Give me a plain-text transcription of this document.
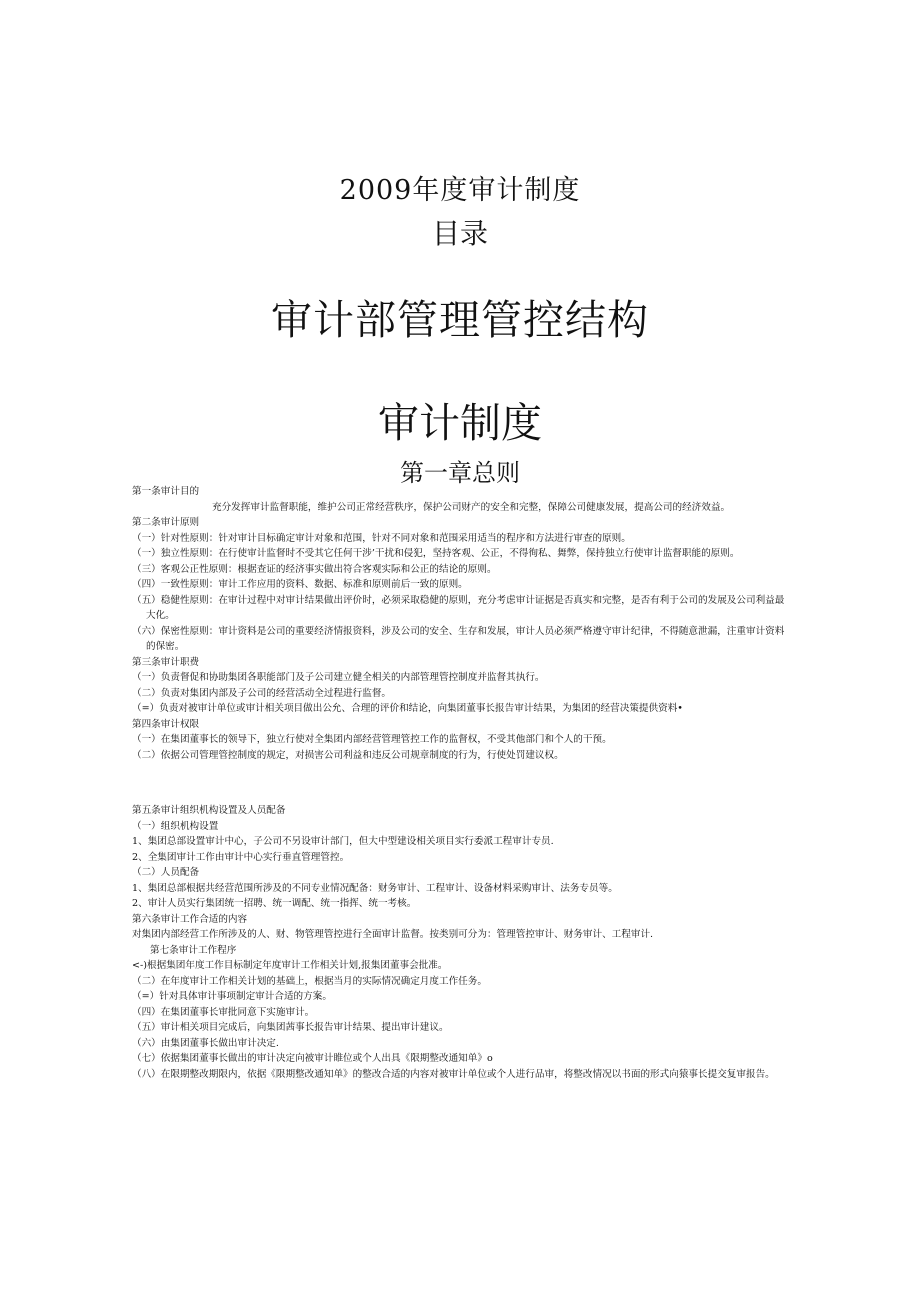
2009年度审计制度
目录
审计部管理管控结构
审计制度
第一章总则
第一条审计目的
充分发挥审计监督职能，维护公司正常经营秩序，保护公司财产的安全和完整，保障公司健康发展，提高公司的经济效益。
第二条审计原则
（一）针对性原则：针对审计目标确定审计对象和范围，针对不同对象和范围采用适当的程序和方法进行审查的原则。
（一）独立性原则：在行使审计监督时不受其它任何干涉’干扰和侵犯，坚持客观、公正，不得徇私、舞弊，保持独立行使审计监督职能的原则。
（三）客观公正性原则：根据查证的经济事实做出符合客观实际和公正的结论的原则。
（四）一致性原则：审计工作应用的资料、数据、标准和原则前后一致的原则。
（五）稳健性原则：在审计过程中对审计结果做出评价时，必须采取稳健的原则，充分考虑审计证据是否真实和完整，是否有利于公司的发展及公司利益最大化。
（六）保密性原则：审计资料是公司的重要经济情报资料，涉及公司的安全、生存和发展，审计人员必须严格遵守审计纪律，不得随意泄漏，注重审计资料的保密。
第三条审计职费
（一）负责督促和协助集团各职能部门及子公司建立健全相关的内部管理管控制度并监督其执行。
（二）负责对集团内部及子公司的经营活动全过程进行监督。
（=）负责对被审计单位或审计相关项目做出公允、合理的评价和结论，向集团董事长报告审计结果，为集团的经营决策提供资料•
第四条审计权限
（一）在集团董事长的领导下，独立行使对全集团内部经营管理管控工作的监督权，不受其他部门和个人的干预。
（二）依据公司管理管控制度的规定，对损害公司利益和违反公司规章制度的行为，行使处罚建议权。
第五条审计组织机构设置及人员配备
（一）组织机构设置
1、集团总部设置审计中心，子公司不另设审计部门，但大中型建设相关项目实行委派工程审计专员.
2、全集团审计工作由审计中心实行垂直管理管控。
（二）人员配备
1、集团总部根据共经营范围所涉及的不同专业情况配备：财务审计、工程审计、设备材料采购审计、法务专员等。
2、审计人员实行集团统一招聘、统一调配、统一指挥、统一考核。
第六条审计工作合适的内容
对集团内部经营工作所涉及的人、财、物管理管控进行全面审计监督。按类别可分为：管理管控审计、财务审计、工程审计.
第七条审计工作程序
<-)根据集团年度工作目标制定年度审计工作相关计划,报集团董事会批准。
（二）在年度审计工作相关计划的基础上，根据当月的实际情况确定月度工作任务。
（=）针对具体审计事项制定审计合适的方案。
（四）在集团董事长审批同意下实施审计。
（五）审计相关项目完成后，向集团茜事长报告审计结果、提出审计建议。
（六）由集团董事长做出审计决定.
（七）依据集团董事长做出的审计决定向被审计睢位或个人出具《限期整改通知单》o
（八）在限期整改期限内，依据《限期整改通知单》的整改合适的内容对被审计单位或个人进行品审，将整改情况以书面的形式向猿事长提交复审报告。
